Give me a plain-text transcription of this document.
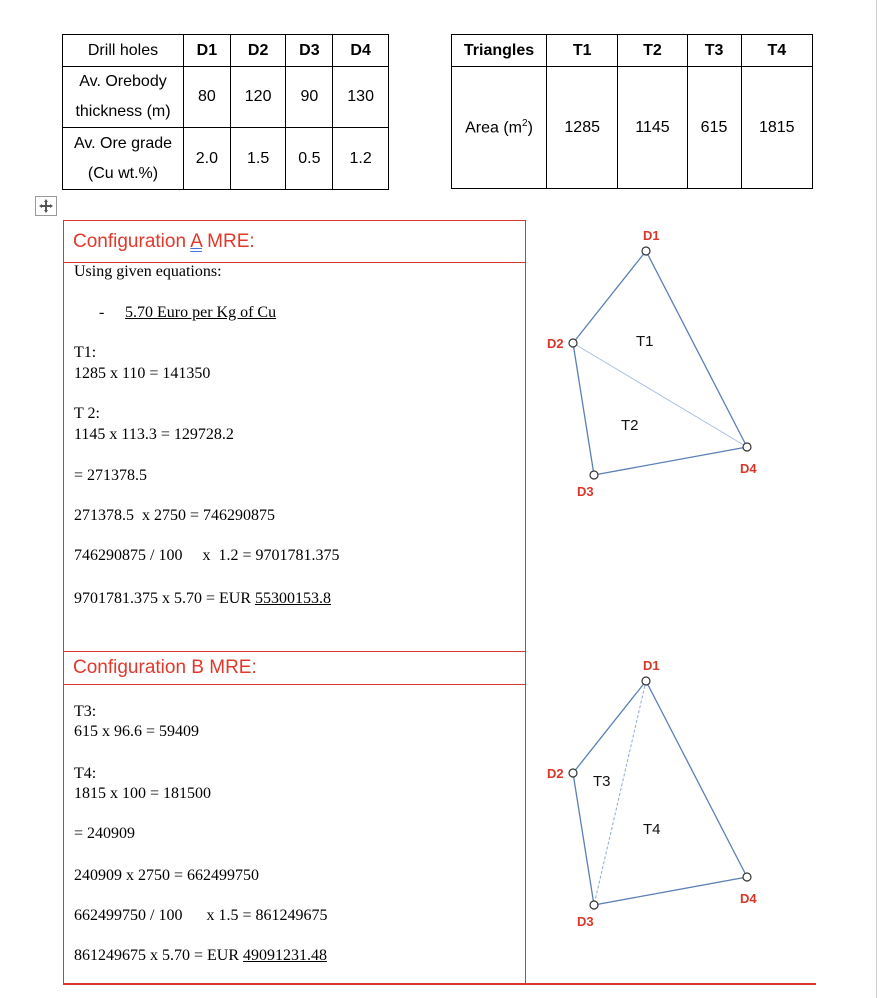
Drill holes	D1	D2	D3	D4

Av. Orebody
thickness (m)	80	120	90	130

Av. Ore grade
(Cu wt.%)	2.0	1.5	0.5	1.2
Triangles	T1	T2	T3	T4
Area $(m^2)$	1285	1145	615	1815
Configuration A MRE:
Using given equations:
- 5.70 Euro per Kg of Cu
T1:
1285 x 110 = 141350
T 2:
1145 x 113.3 = 129728.2
= 271378.5
271378.5  x 2750 = 746290875
746290875 / 100     x  1.2 = 9701781.375
9701781.375 x 5.70 = EUR 55300153.8
Configuration B MRE:
T3:
615 x 96.6 = 59409
T4:
1815 x 100 = 181500
= 240909
240909 x 2750 = 662499750
662499750 / 100      x 1.5 = 861249675
861249675 x 5.70 = EUR 49091231.48
D1
D2
D3
D4
T1
T2
D1
D2
D3
D4
T3
T4
